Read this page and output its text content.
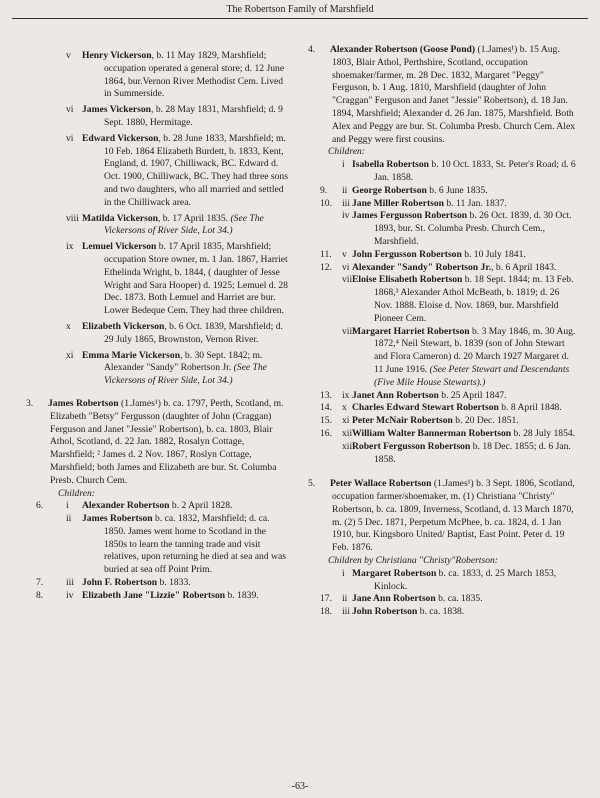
The Robertson Family of Marshfield
v Henry Vickerson, b. 11 May 1829, Marshfield; occupation operated a general store; d. 12 June 1864, bur.Vernon River Methodist Cem. Lived in Summerside.
vi James Vickerson, b. 28 May 1831, Marshfield; d. 9 Sept. 1880, Hermitage.
vi Edward Vickerson, b. 28 June 1833, Marshfield; m. 10 Feb. 1864 Elizabeth Burdett, b. 1833, Kent, England, d. 1907, Chilliwack, BC. Edward d. Oct. 1900, Chilliwack, BC. They had three sons and two daughters, who all married and settled in the Chilliwack area.
viii Matilda Vickerson, b. 17 April 1835. (See The Vickersons of River Side, Lot 34.)
ix Lemuel Vickerson b. 17 April 1835, Marshfield; occupation Store owner, m. 1 Jan. 1867, Harriet Ethelinda Wright, b. 1844, ( daughter of Jesse Wright and Sara Hooper) d. 1925; Lemuel d. 28 Dec. 1873. Both Lemuel and Harriet are bur. Lower Bedeque Cem. They had three children.
x Elizabeth Vickerson, b. 6 Oct. 1839, Marshfield; d. 29 July 1865, Brownston, Vernon River.
xi Emma Marie Vickerson, b. 30 Sept. 1842; m. Alexander "Sandy" Robertson Jr. (See The Vickersons of River Side, Lot 34.)
3. James Robertson (1.James¹) b. ca. 1797, Perth, Scotland, m. Elizabeth "Betsy" Fergusson (daughter of John (Craggan) Ferguson and Janet "Jessie" Robertson), b. ca. 1803, Blair Athol, Scotland, d. 22 Jan. 1882, Rosalyn Cottage, Marshfield; ² James d. 2 Nov. 1867, Roslyn Cottage, Marshfield; both James and Elizabeth are bur. St. Columba Presb. Church Cem.
Children:
6. i Alexander Robertson b. 2 April 1828.
ii James Robertson b. ca. 1832, Marshfield; d. ca. 1850. James went home to Scotland in the 1850s to learn the tanning trade and visit relatives, upon returning he died at sea and was buried at sea off Point Prim.
7. iii John F. Robertson b. 1833.
8. iv Elizabeth Jane "Lizzie" Robertson b. 1839.
4. Alexander Robertson (Goose Pond) (1.James¹) b. 15 Aug. 1803, Blair Athol, Perthshire, Scotland, occupation shoemaker/farmer, m. 28 Dec. 1832, Margaret "Peggy" Ferguson, b. 1 Aug. 1810, Marshfield (daughter of John "Craggan" Ferguson and Janet "Jessie" Robertson), d. 18 Jan. 1894, Marshfield; Alexander d. 26 Jan. 1875, Marshfield. Both Alex and Peggy are bur. St. Columba Presb. Church Cem. Alex and Peggy were first cousins.
Children:
i Isabella Robertson b. 10 Oct. 1833, St. Peter's Road; d. 6 Jan. 1858.
9. ii George Robertson b. 6 June 1835.
10. iii Jane Miller Robertson b. 11 Jan. 1837.
iv James Fergusson Robertson b. 26 Oct. 1839, d. 30 Oct. 1893, bur. St. Columba Presb. Church Cem., Marshfield.
11. v John Fergusson Robertson b. 10 July 1841.
12. vi Alexander "Sandy" Robertson Jr., b. 6 April 1843.
vii Eloise Elisabeth Robertson b. 18 Sept. 1844; m. 13 Feb. 1868,³ Alexander Athol McBeath, b. 1819; d. 26 Nov. 1888. Eloise d. Nov. 1869, bur. Marshfield Pioneer Cem.
viii
Margaret Harriet Robertson b. 3 May 1846, m. 30 Aug. 1872,⁴ Neil Stewart, b. 1839 (son of John Stewart and Flora Cameron) d. 20 March 1927 Margaret d. 11 June 1916. (See Peter Stewart and Descendants (Five Mile House Stewarts).)
13. ix Janet Ann Robertson b. 25 April 1847.
14. x Charles Edward Stewart Robertson b. 8 April 1848.
15. xi Peter McNair Robertson b. 20 Dec. 1851.
16. xii William Walter Bannerman Robertson b. 28 July 1854.
xiii
Robert Fergusson Robertson b. 18 Dec. 1855; d. 6 Jan. 1858.
5. Peter Wallace Robertson (1.James¹) b. 3 Sept. 1806, Scotland, occupation farmer/shoemaker, m. (1) Christiana "Christy" Robertson, b. ca. 1809, Inverness, Scotland, d. 13 March 1870, m. (2) 5 Dec. 1871, Perpetum McPhee, b. ca. 1824, d. 1 Jan 1910, bur. Kingsboro United/ Baptist, East Point. Peter d. 19 Feb. 1876.
Children by Christiana "Christy"Robertson:
i Margaret Robertson b. ca. 1833, d. 25 March 1853, Kinlock.
17. ii Jane Ann Robertson b. ca. 1835.
18. iii John Robertson b. ca. 1838.
-63-
